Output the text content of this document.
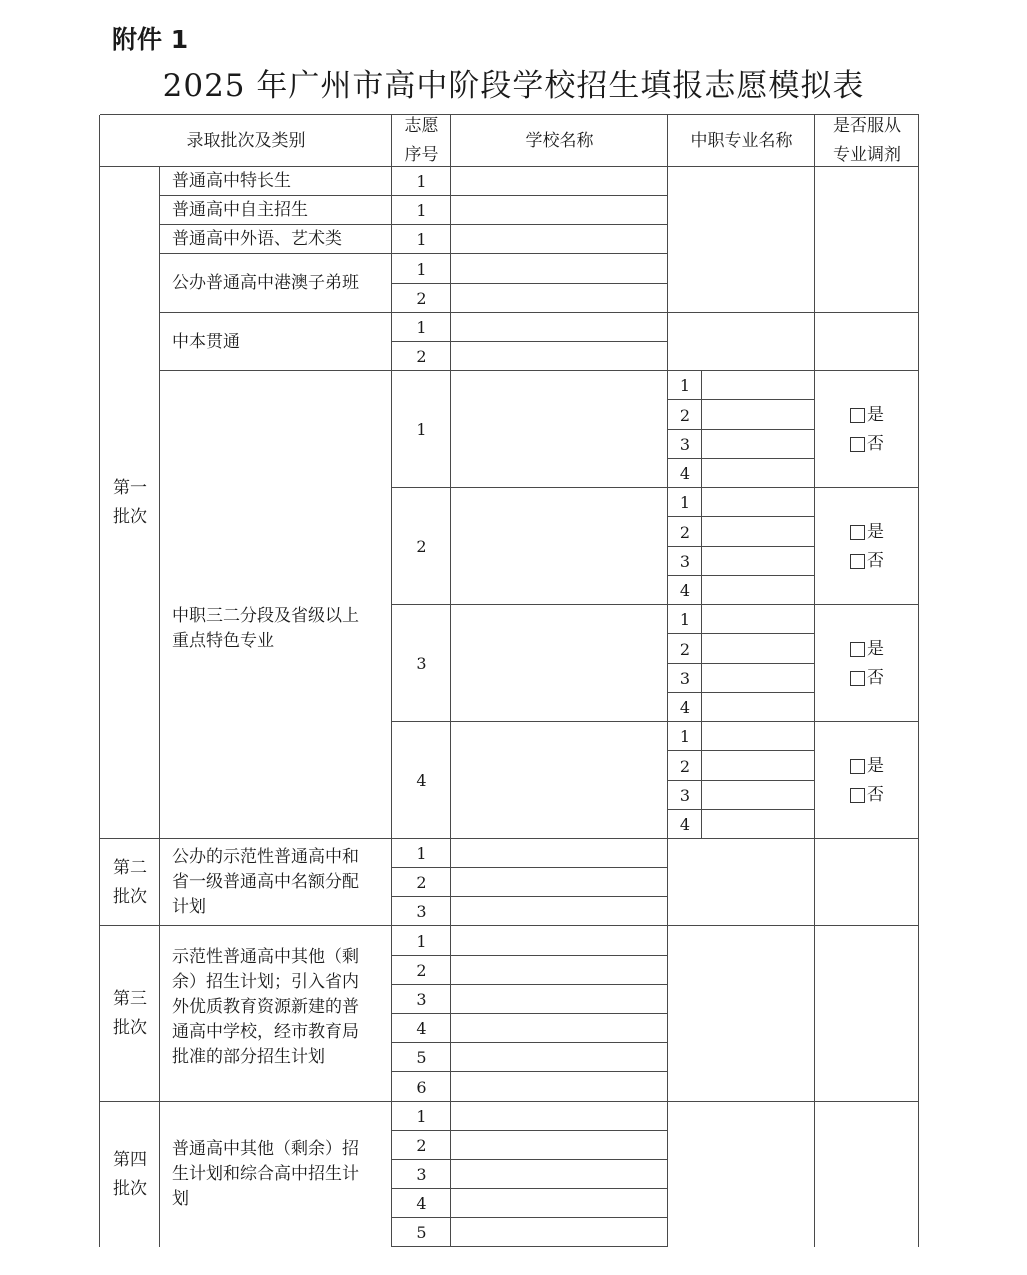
附件 1
2025 年广州市高中阶段学校招生填报志愿模拟表
录取批次及类别
志愿
序号
学校名称	中职专业名称
是否服从
专业调剂
第一
批次
第二
批次
第三
批次
第四
批次
普通高中特长生
普通高中自主招生
普通高中外语、艺术类
公办普通高中港澳子弟班
中本贯通
中职三二分段及省级以上
重点特色专业
公办的示范性普通高中和
省一级普通高中名额分配
计划
示范性普通高中其他（剩
余）招生计划；引入省内
外优质教育资源新建的普
通高中学校，经市教育局
批准的部分招生计划
普通高中其他（剩余）招
生计划和综合高中招生计
划
1
1
1
1
2
1
2
1
2
3
4
1
2
3
1
2
3
4
5
6
1
2
3
4
5
1
2
3
4
1
2
3
4
1
2
3
4
1
2
3
4
是
否
是
否
是
否
是
否
